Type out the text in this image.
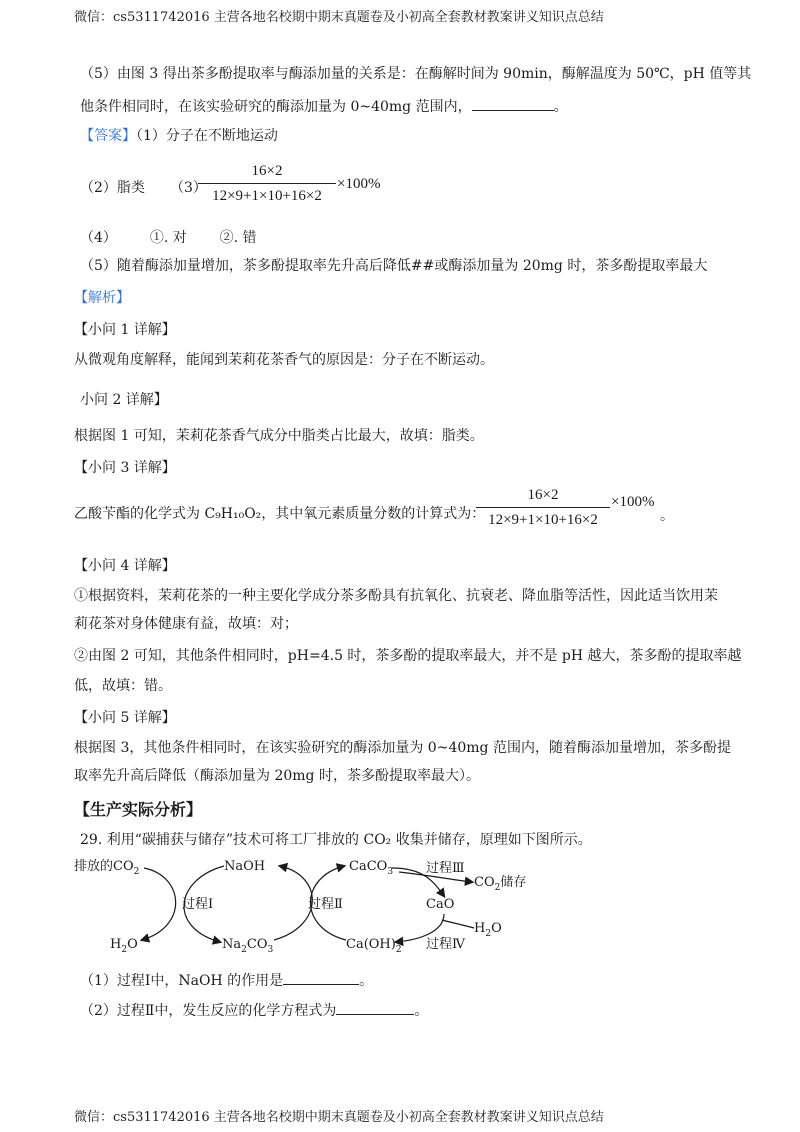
微信：cs5311742016 主营各地名校期中期末真题卷及小初高全套教材教案讲义知识点总结
（5）由图 3 得出茶多酚提取率与酶添加量的关系是：在酶解时间为 90min，酶解温度为 50℃，pH 值等其
他条件相同时，在该实验研究的酶添加量为 0~40mg 范围内，	。
【答案】（1）分子在不断地运动
（2）脂类 （3）
16×2
12×9+1×10+16×2
×100%
（4） ①. 对 ②. 错
（5）随着酶添加量增加，茶多酚提取率先升高后降低##或酶添加量为 20mg 时，茶多酚提取率最大
【解析】
【小问 1 详解】
从微观角度解释，能闻到茉莉花茶香气的原因是：分子在不断运动。
小问 2 详解】
根据图 1 可知，茉莉花茶香气成分中脂类占比最大，故填：脂类。
【小问 3 详解】
乙酸苄酯的化学式为 C₉H₁₀O₂，其中氧元素质量分数的计算式为：
16×2
12×9+1×10+16×2
×100%
。
【小问 4 详解】
①根据资料，茉莉花茶的一种主要化学成分茶多酚具有抗氧化、抗衰老、降血脂等活性，因此适当饮用茉
莉花茶对身体健康有益，故填：对；
②由图 2 可知，其他条件相同时，pH=4.5 时，茶多酚的提取率最大，并不是 pH 越大，茶多酚的提取率越
低，故填：错。
【小问 5 详解】
根据图 3，其他条件相同时，在该实验研究的酶添加量为 0~40mg 范围内，随着酶添加量增加，茶多酚提
取率先升高后降低（酶添加量为 20mg 时，茶多酚提取率最大）。
【生产实际分析】
29. 利用“碳捕获与储存”技术可将工厂排放的 CO₂ 收集并储存，原理如下图所示。
排放的$CO_2$	NaOH	CaCO$_3$
过程Ⅰ	过程Ⅱ
过程Ⅲ
$CO_2$储存
CaO
$H_2O$	$Na_2CO_3$	$Ca(OH)_2$ 过程Ⅳ
$H_2O$
（1）过程Ⅰ中，NaOH 的作用是	。
（2）过程Ⅱ中，发生反应的化学方程式为	。
微信：cs5311742016 主营各地名校期中期末真题卷及小初高全套教材教案讲义知识点总结
